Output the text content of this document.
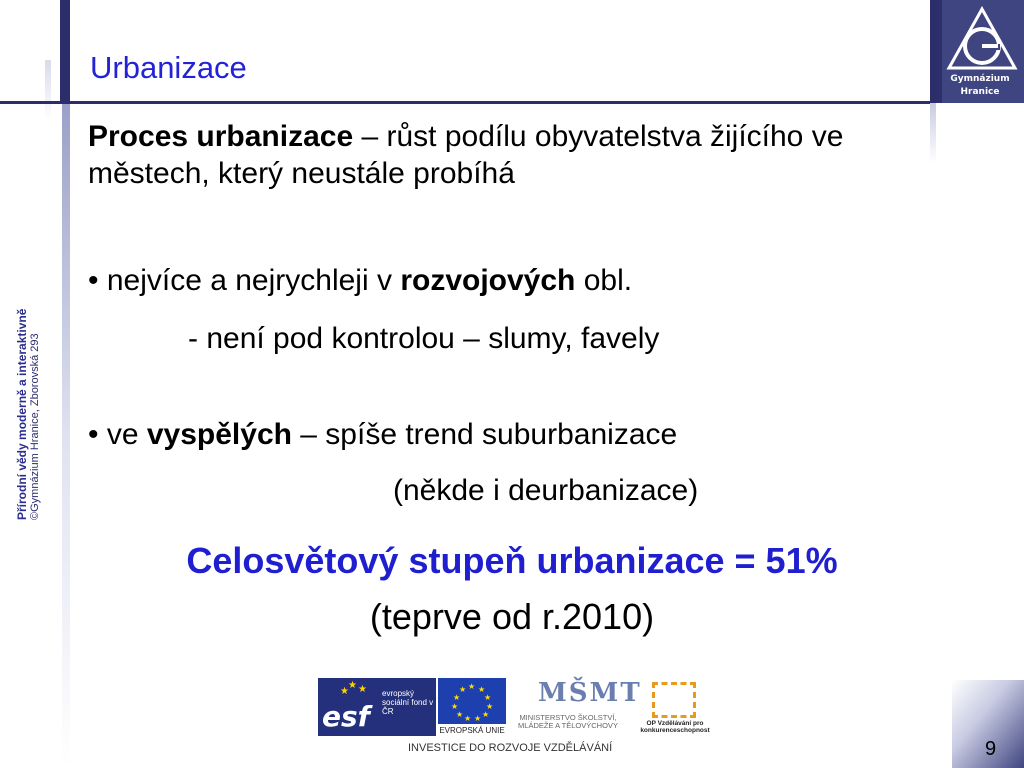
Gymnázium
Hranice
Urbanizace
Přírodní vědy moderně a interaktivně ©Gymnázium Hranice, Zborovská 293

Proces urbanizace – růst podílu obyvatelstva žijícího ve městech, který neustále probíhá

• nejvíce a nejrychleji v rozvojových obl.
- není pod kontrolou – slumy, favely
• ve vyspělých – spíše trend suburbanizace
(někde i deurbanizace)
Celosvětový stupeň urbanizace = 51%
(teprve od r.2010)
★ ★
★
esf
evropský sociální fond v ČR
★ ★
★
★
★
★
★
★
★
★
★
EVROPSKÁ UNIE
MŠMT
MINISTERSTVO ŠKOLSTVÍ, MLÁDEŽE A TĚLOVÝCHOVY	OP Vzdělávání pro konkurenceschopnost
INVESTICE DO ROZVOJE VZDĚLÁVÁNÍ	9
